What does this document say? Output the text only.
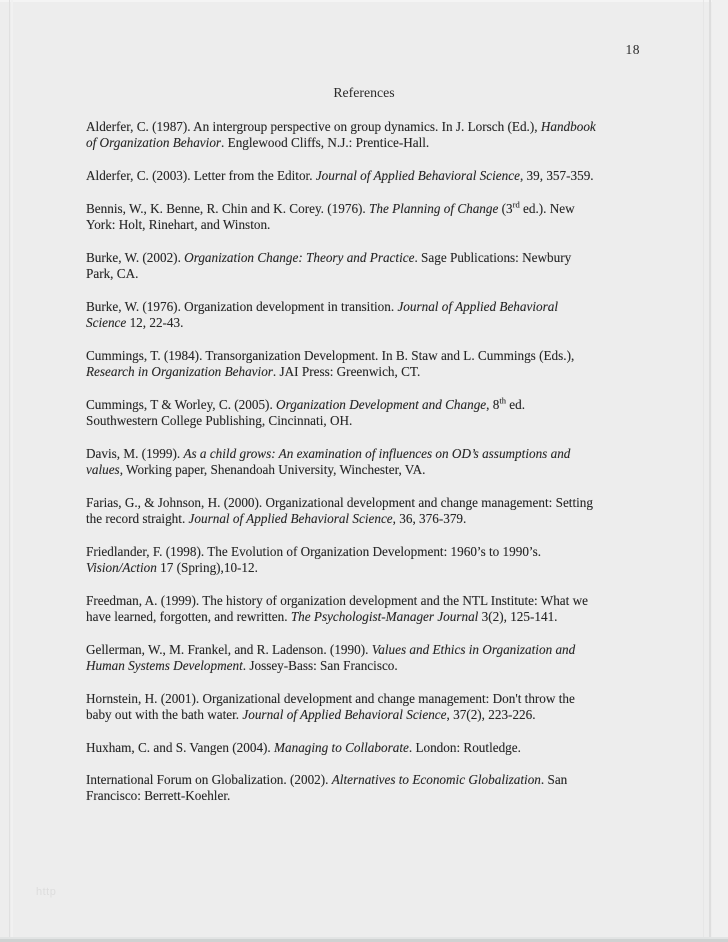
18
References

Alderfer, C. (1987). An intergroup perspective on group dynamics. In J. Lorsch (Ed.), Handbook
of Organization Behavior. Englewood Cliffs, N.J.: Prentice-Hall.

Alderfer, C. (2003). Letter from the Editor. Journal of Applied Behavioral Science, 39, 357-359.

Bennis, W., K. Benne, R. Chin and K. Corey. (1976). The Planning of Change (3rd ed.). New
York: Holt, Rinehart, and Winston.

Burke, W. (2002). Organization Change: Theory and Practice. Sage Publications: Newbury
Park, CA.

Burke, W. (1976). Organization development in transition. Journal of Applied Behavioral
Science 12, 22-43.

Cummings, T. (1984). Transorganization Development. In B. Staw and L. Cummings (Eds.),
Research in Organization Behavior. JAI Press: Greenwich, CT.

Cummings, T & Worley, C. (2005). Organization Development and Change, 8th ed.
Southwestern College Publishing, Cincinnati, OH.

Davis, M. (1999). As a child grows: An examination of influences on OD’s assumptions and
values, Working paper, Shenandoah University, Winchester, VA.

Farias, G., & Johnson, H. (2000). Organizational development and change management: Setting
the record straight. Journal of Applied Behavioral Science, 36, 376-379.

Friedlander, F. (1998). The Evolution of Organization Development: 1960’s to 1990’s.
Vision/Action 17 (Spring),10-12.

Freedman, A. (1999). The history of organization development and the NTL Institute: What we
have learned, forgotten, and rewritten. The Psychologist-Manager Journal 3(2), 125-141.

Gellerman, W., M. Frankel, and R. Ladenson. (1990). Values and Ethics in Organization and
Human Systems Development. Jossey-Bass: San Francisco.

Hornstein, H. (2001). Organizational development and change management: Don't throw the
baby out with the bath water. Journal of Applied Behavioral Science, 37(2), 223-226.

Huxham, C. and S. Vangen (2004). Managing to Collaborate. London: Routledge.

International Forum on Globalization. (2002). Alternatives to Economic Globalization. San
Francisco: Berrett-Koehler.

http
